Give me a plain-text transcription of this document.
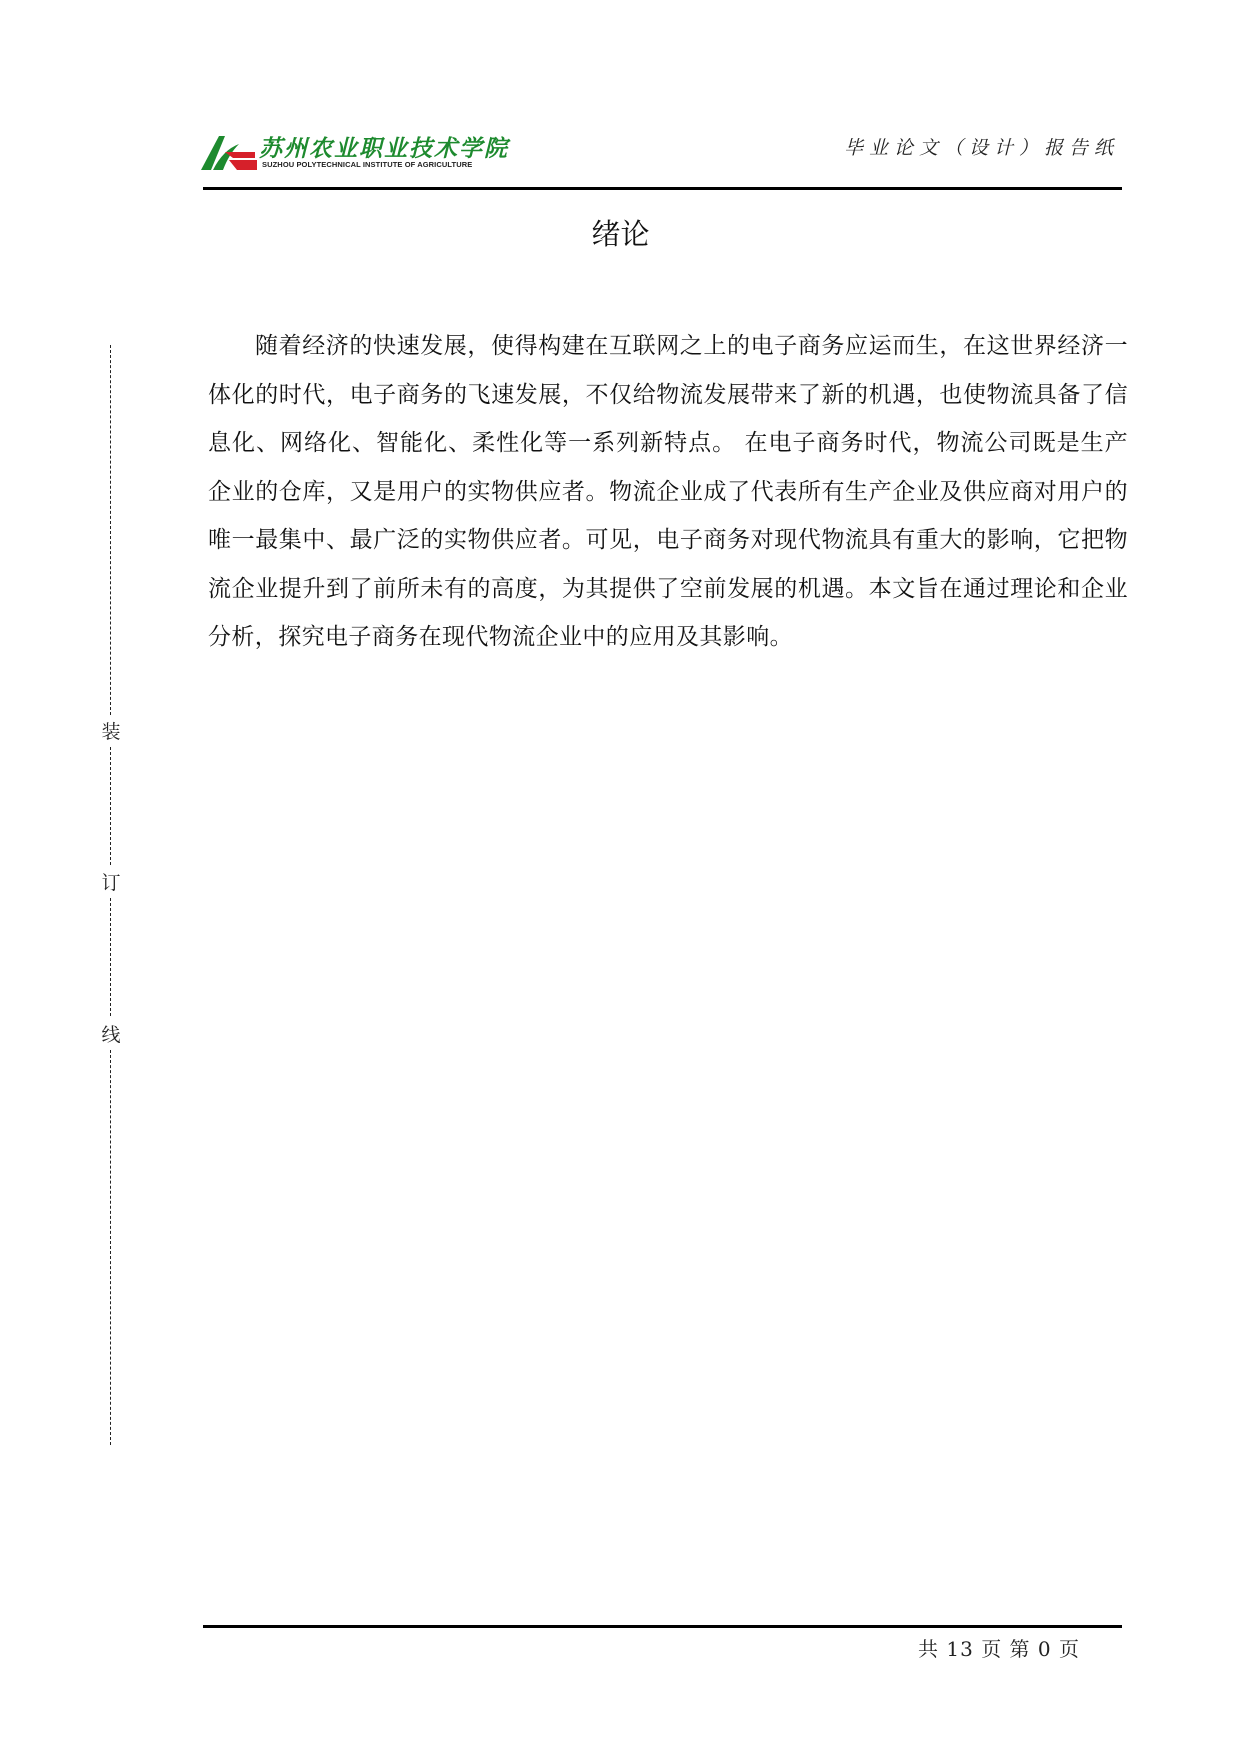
苏州农业职业技术学院
SUZHOU POLYTECHNICAL INSTITUTE OF AGRICULTURE
毕业论文（设计）报告纸
绪论

随着经济的快速发展，使得构建在互联网之上的电子商务应运而生，在这世界经济一体化的时代，电子商务的飞速发展，不仅给物流发展带来了新的机遇，也使物流具备了信息化、网络化、智能化、柔性化等一系列新特点。 在电子商务时代，物流公司既是生产企业的仓库，又是用户的实物供应者。物流企业成了代表所有生产企业及供应商对用户的唯一最集中、最广泛的实物供应者。可见，电子商务对现代物流具有重大的影响，它把物流企业提升到了前所未有的高度，为其提供了空前发展的机遇。本文旨在通过理论和企业分析，探究电子商务在现代物流企业中的应用及其影响。

装
订
线
共 13 页 第 0 页
